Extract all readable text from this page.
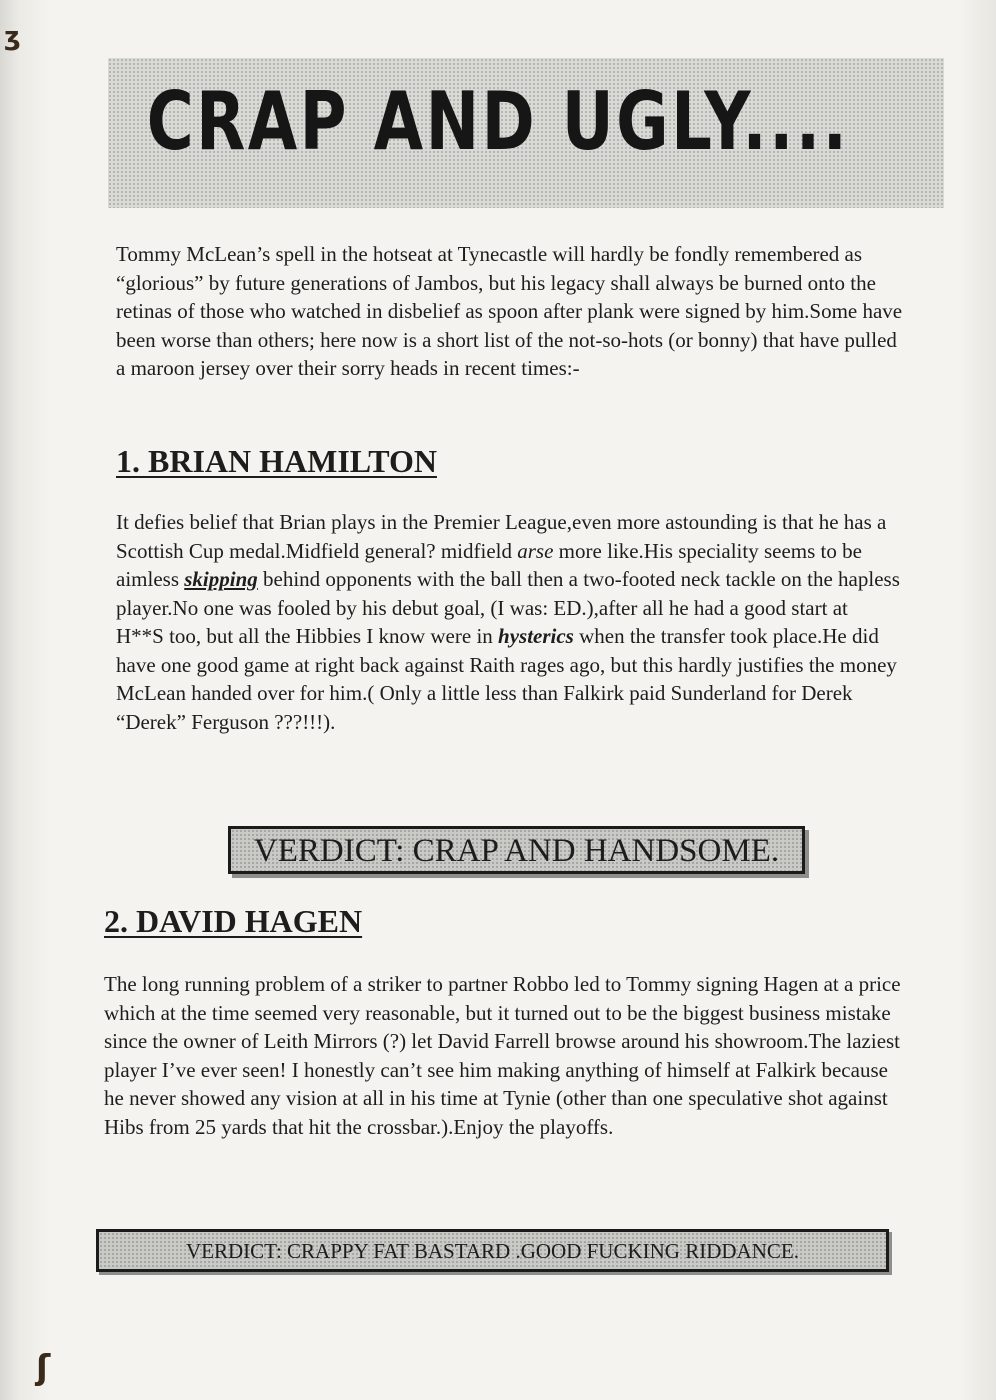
ʒ
ʃ
CRAP AND UGLY....

Tommy McLean’s spell in the hotseat at Tynecastle will hardly be fondly remembered as “glorious” by future generations of Jambos, but his legacy shall always be burned onto the retinas of those who watched in disbelief as spoon after plank were signed by him.Some have been worse than others; here now is a short list of the not-so-hots (or bonny) that have pulled a maroon jersey over their sorry heads in recent times:-

1. BRIAN HAMILTON

It defies belief that Brian plays in the Premier League,even more astounding is that he has a Scottish Cup medal.Midfield general? midfield arse more like.His speciality seems to be aimless skipping behind opponents with the ball then a two-footed neck tackle on the hapless player.No one was fooled by his debut goal, (I was: ED.),after all he had a good start at H**S too, but all the Hibbies I know were in hysterics when the transfer took place.He did have one good game at right back against Raith rages ago, but this hardly justifies the money McLean handed over for him.( Only a little less than Falkirk paid Sunderland for Derek “Derek” Ferguson ???!!!).

VERDICT: CRAP AND HANDSOME.
2. DAVID HAGEN

The long running problem of a striker to partner Robbo led to Tommy signing Hagen at a price which at the time seemed very reasonable, but it turned out to be the biggest business mistake since the owner of Leith Mirrors (?) let David Farrell browse around his showroom.The laziest player I’ve ever seen! I honestly can’t see him making anything of himself at Falkirk because he never showed any vision at all in his time at Tynie (other than one speculative shot against Hibs from 25 yards that hit the crossbar.).Enjoy the playoffs.

VERDICT: CRAPPY FAT BASTARD .GOOD FUCKING RIDDANCE.
